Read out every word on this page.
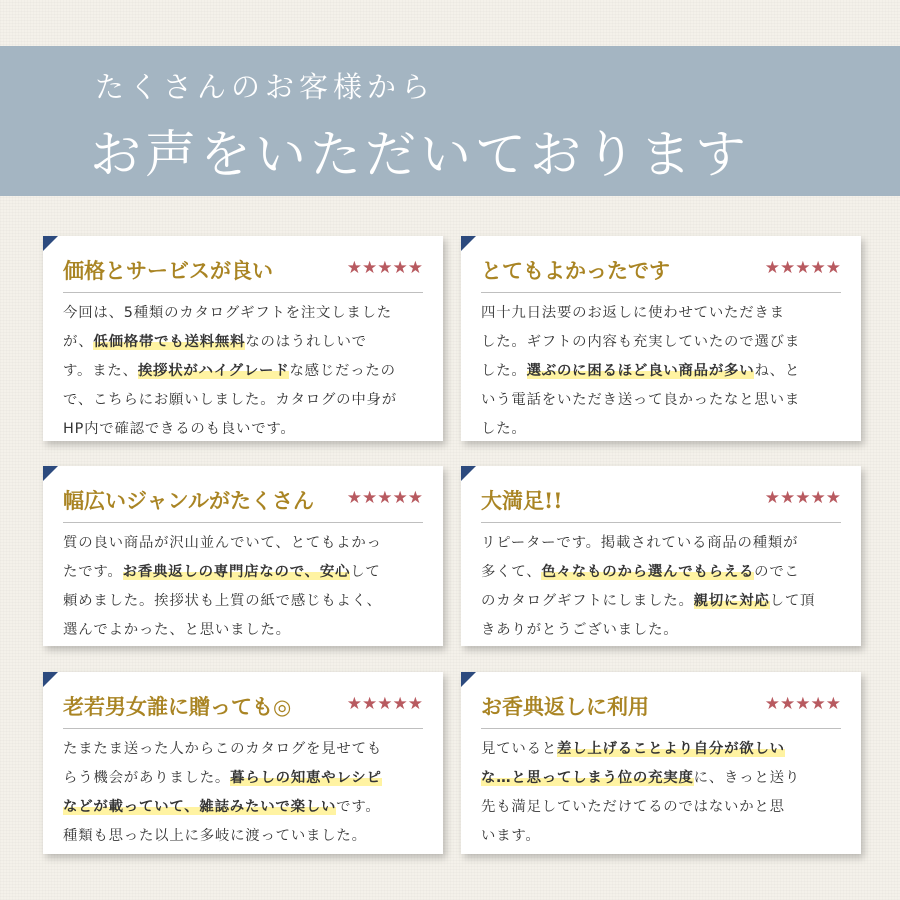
たくさんのお客様から
お声をいただいております
価格とサービスが良い	★★★★★
今回は、5種類のカタログギフトを注文しました
が、低価格帯でも送料無料なのはうれしいで
す。また、挨拶状がハイグレードな感じだったの
で、こちらにお願いしました。カタログの中身が
HP内で確認できるのも良いです。
とてもよかったです	★★★★★
四十九日法要のお返しに使わせていただきま
した。ギフトの内容も充実していたので選びま
した。選ぶのに困るほど良い商品が多いね、と
いう電話をいただき送って良かったなと思いま
した。
幅広いジャンルがたくさん ★★★★★
質の良い商品が沢山並んでいて、とてもよかっ
たです。お香典返しの専門店なので、安心して
頼めました。挨拶状も上質の紙で感じもよく、
選んでよかった、と思いました。
大満足!!	★★★★★
リピーターです。掲載されている商品の種類が
多くて、色々なものから選んでもらえるのでこ
のカタログギフトにしました。親切に対応して頂
きありがとうございました。
老若男女誰に贈っても◎	★★★★★
たまたま送った人からこのカタログを見せても
らう機会がありました。暮らしの知恵やレシピ
などが載っていて、雑誌みたいで楽しいです。
種類も思った以上に多岐に渡っていました。
お香典返しに利用	★★★★★
見ていると差し上げることより自分が欲しい
な…と思ってしまう位の充実度に、きっと送り
先も満足していただけてるのではないかと思
います。
